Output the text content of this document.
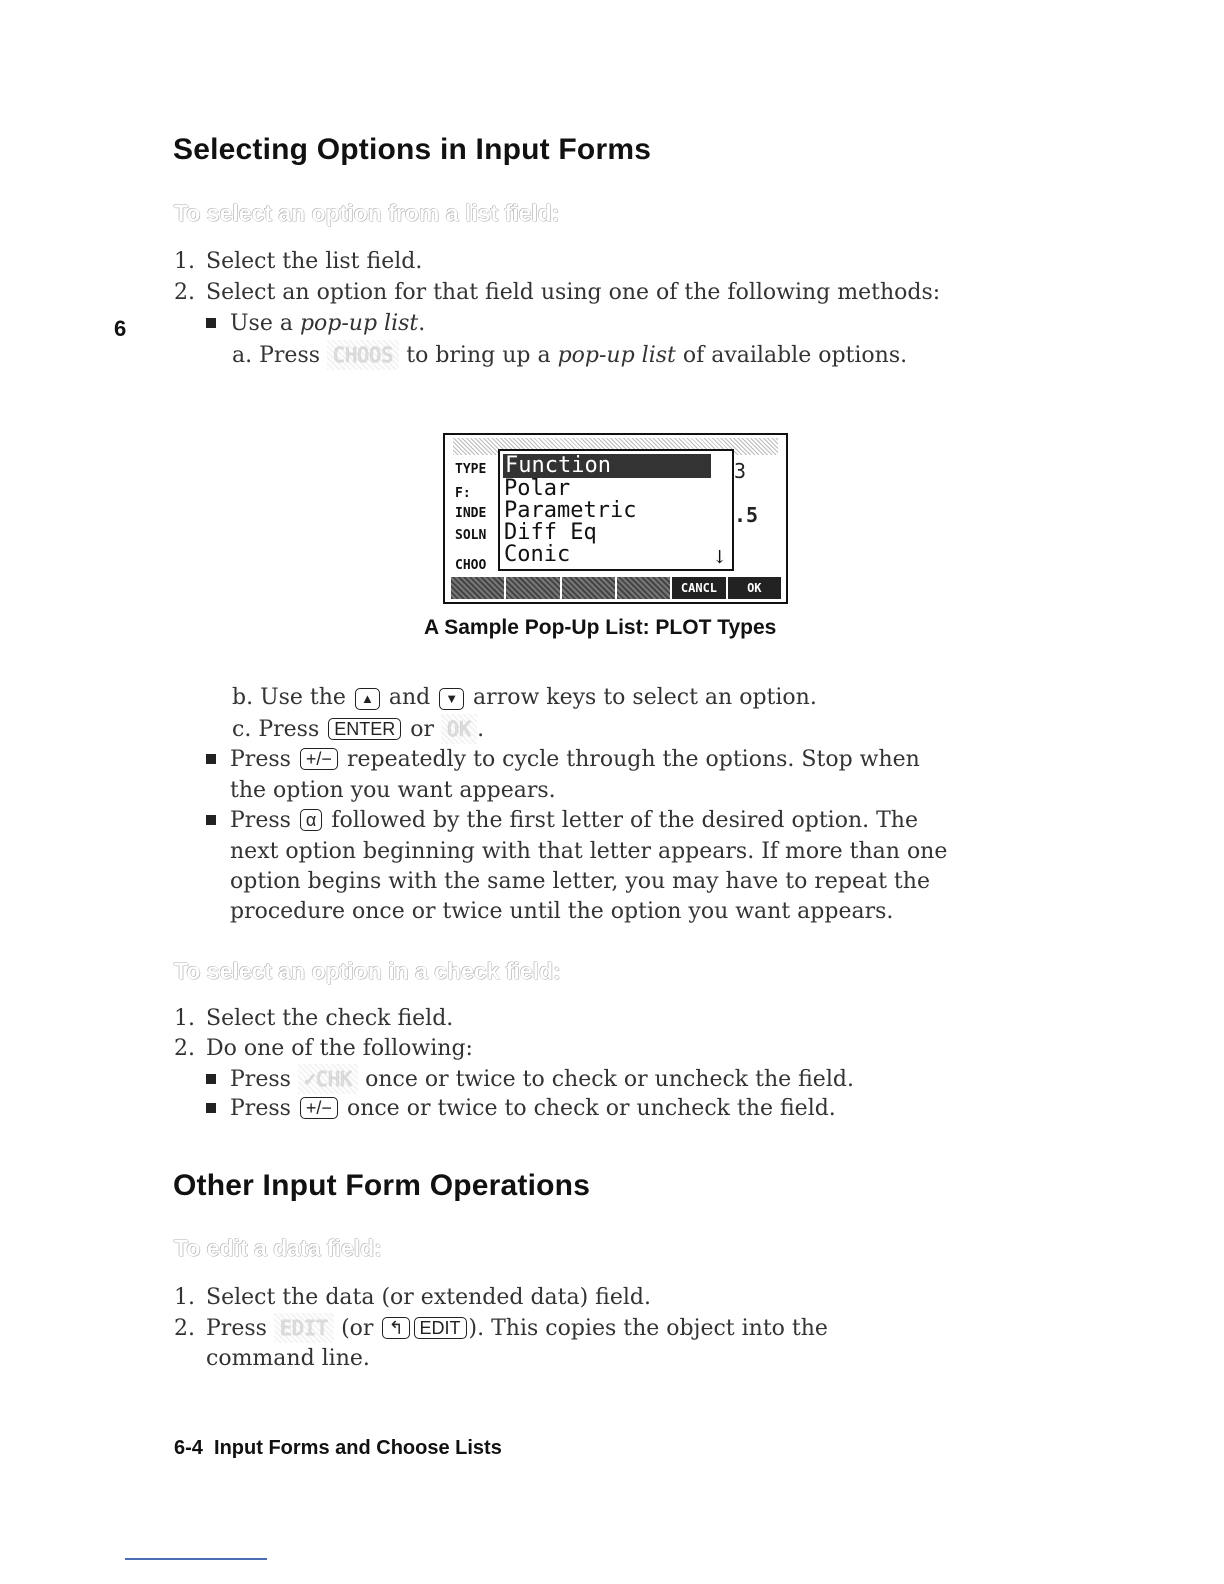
Selecting Options in Input Forms
6
To select an option from a list field:
1. Select the list field.
2. Select an option for that field using one of the following methods:
Use a pop-up list.
a. Press CHOOS to bring up a pop-up list of available options.
TYPE
F:
INDE
SOLN
CHOO
3
.5
Function
Polar
Parametric
Diff Eq
Conic	↓
CANCL	OK
A Sample Pop-Up List: PLOT Types
b. Use the ▲ and ▼ arrow keys to select an option.
c. Press ENTER or OK .
Press +/− repeatedly to cycle through the options. Stop when
the option you want appears.
Press α followed by the first letter of the desired option. The
next option beginning with that letter appears. If more than one
option begins with the same letter, you may have to repeat the
procedure once or twice until the option you want appears.
To select an option in a check field:
1. Select the check field.
2. Do one of the following:
Press ✓CHK once or twice to check or uncheck the field.
Press +/− once or twice to check or uncheck the field.
Other Input Form Operations
To edit a data field:
1. Select the data (or extended data) field.
2. Press EDIT (or ↰ EDIT ). This copies the object into the
command line.
6-4 Input Forms and Choose Lists
